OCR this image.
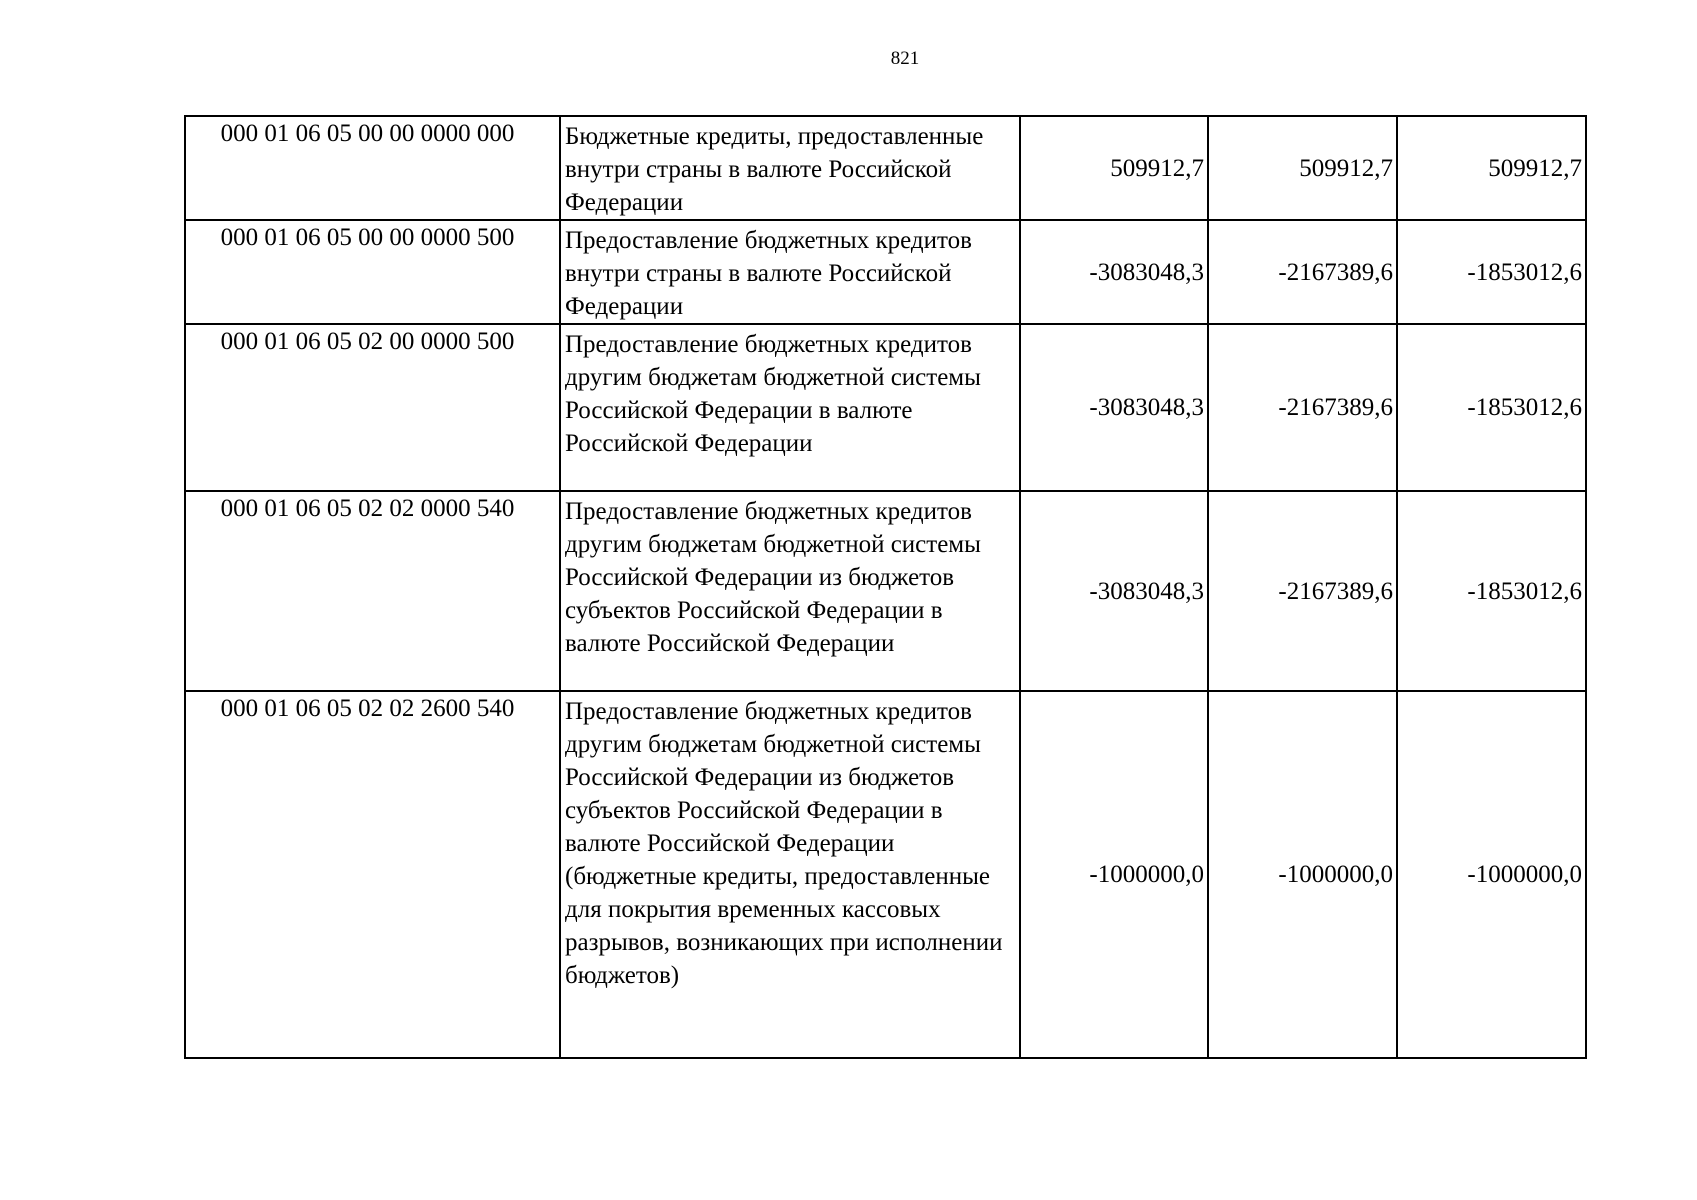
821
000 01 06 05 00 00 0000 000	Бюджетные кредиты, предоставленные внутри страны в валюте Российской Федерации	509912,7	509912,7	509912,7
000 01 06 05 00 00 0000 500	Предоставление бюджетных кредитов внутри страны в валюте Российской Федерации	-3083048,3	-2167389,6	-1853012,6
000 01 06 05 02 00 0000 500	Предоставление бюджетных кредитов другим бюджетам бюджетной системы Российской Федерации в валюте Российской Федерации	-3083048,3	-2167389,6	-1853012,6
000 01 06 05 02 02 0000 540	Предоставление бюджетных кредитов другим бюджетам бюджетной системы Российской Федерации из бюджетов субъектов Российской Федерации в валюте Российской Федерации	-3083048,3	-2167389,6	-1853012,6
000 01 06 05 02 02 2600 540	Предоставление бюджетных кредитов другим бюджетам бюджетной системы Российской Федерации из бюджетов субъектов Российской Федерации в валюте Российской Федерации (бюджетные кредиты, предоставленные для покрытия временных кассовых разрывов, возникающих при исполнении бюджетов)	-1000000,0	-1000000,0	-1000000,0
